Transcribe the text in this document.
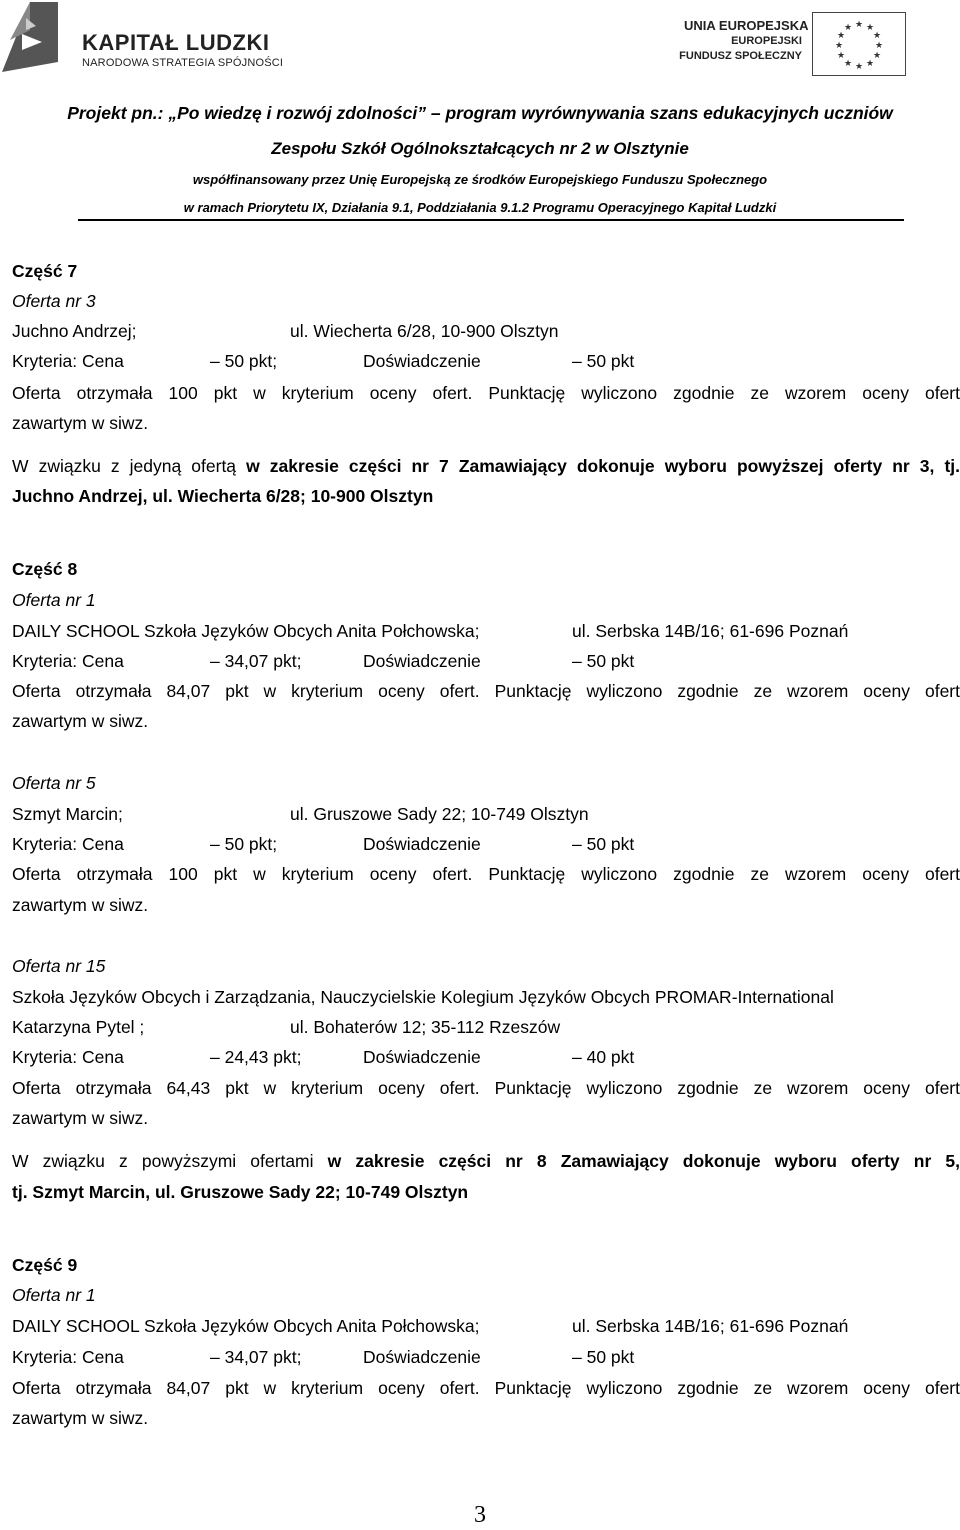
KAPITAŁ LUDZKI
NARODOWA STRATEGIA SPÓJNOŚCI
UNIA EUROPEJSKA
EUROPEJSKI
FUNDUSZ SPOŁECZNY
★ ★
★
★
★
★
★
★
★
★
★
★
Projekt pn.: „Po wiedzę i rozwój zdolności” – program wyrównywania szans edukacyjnych uczniów
Zespołu Szkół Ogólnokształcących nr 2 w Olsztynie
współfinansowany przez Unię Europejską ze środków Europejskiego Funduszu Społecznego
w ramach Priorytetu IX, Działania 9.1, Poddziałania 9.1.2 Programu Operacyjnego Kapitał Ludzki
Część 7
Oferta nr 3
Juchno Andrzej;	ul. Wiecherta 6/28, 10-900 Olsztyn
Kryteria: Cena	– 50 pkt;	Doświadczenie	– 50 pkt
Oferta otrzymała 100 pkt w kryterium oceny ofert. Punktację wyliczono zgodnie ze wzorem oceny ofert
zawartym w siwz.
W związku z jedyną ofertą w zakresie części nr 7 Zamawiający dokonuje wyboru powyższej oferty nr 3, tj.
Juchno Andrzej, ul. Wiecherta 6/28; 10-900 Olsztyn
Część 8
Oferta nr 1
DAILY SCHOOL Szkoła Języków Obcych Anita Połchowska;	ul. Serbska 14B/16; 61-696 Poznań
Kryteria: Cena	– 34,07 pkt;	Doświadczenie	– 50 pkt
Oferta otrzymała 84,07 pkt w kryterium oceny ofert. Punktację wyliczono zgodnie ze wzorem oceny ofert
zawartym w siwz.
Oferta nr 5
Szmyt Marcin;	ul. Gruszowe Sady 22; 10-749 Olsztyn
Kryteria: Cena	– 50 pkt;	Doświadczenie	– 50 pkt
Oferta otrzymała 100 pkt w kryterium oceny ofert. Punktację wyliczono zgodnie ze wzorem oceny ofert
zawartym w siwz.
Oferta nr 15
Szkoła Języków Obcych i Zarządzania, Nauczycielskie Kolegium Języków Obcych PROMAR-International
Katarzyna Pytel ;	ul. Bohaterów 12; 35-112 Rzeszów
Kryteria: Cena	– 24,43 pkt;	Doświadczenie	– 40 pkt
Oferta otrzymała 64,43 pkt w kryterium oceny ofert. Punktację wyliczono zgodnie ze wzorem oceny ofert
zawartym w siwz.
W związku z powyższymi ofertami w zakresie części nr 8 Zamawiający dokonuje wyboru oferty nr 5,
tj. Szmyt Marcin, ul. Gruszowe Sady 22; 10-749 Olsztyn
Część 9
Oferta nr 1
DAILY SCHOOL Szkoła Języków Obcych Anita Połchowska;	ul. Serbska 14B/16; 61-696 Poznań
Kryteria: Cena	– 34,07 pkt;	Doświadczenie	– 50 pkt
Oferta otrzymała 84,07 pkt w kryterium oceny ofert. Punktację wyliczono zgodnie ze wzorem oceny ofert
zawartym w siwz.
3
